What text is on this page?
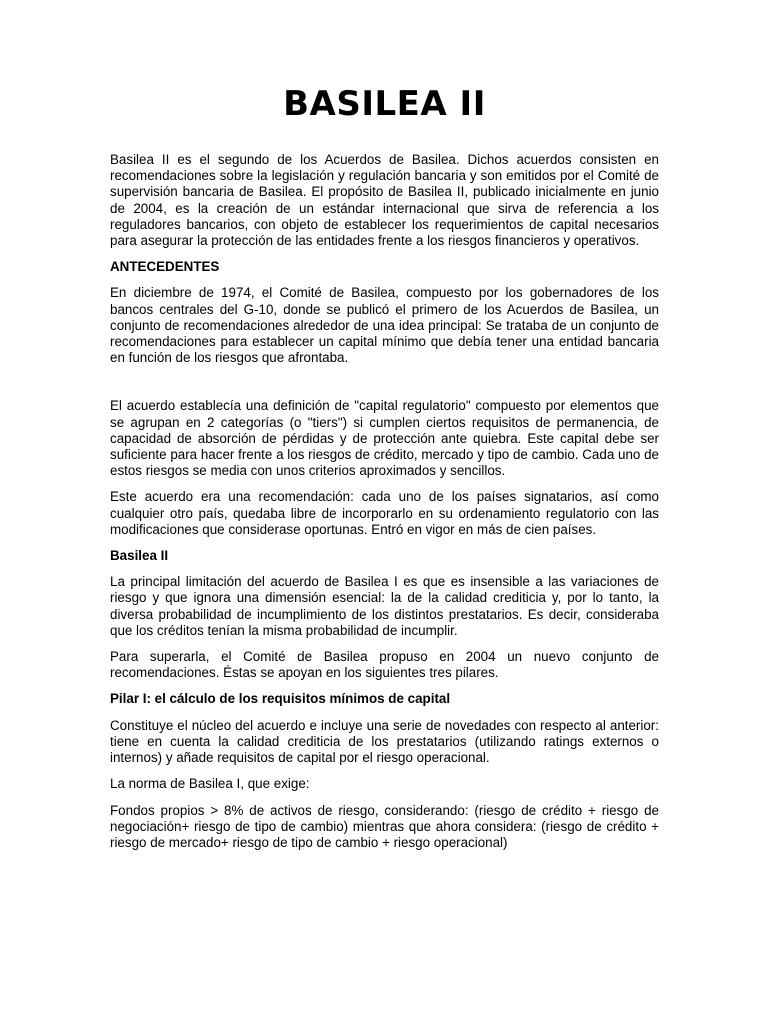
BASILEA II

Basilea II es el segundo de los Acuerdos de Basilea. Dichos acuerdos consisten en recomendaciones sobre la legislación y regulación bancaria y son emitidos por el Comité de supervisión bancaria de Basilea. El propósito de Basilea II, publicado inicialmente en junio de 2004, es la creación de un estándar internacional que sirva de referencia a los reguladores bancarios, con objeto de establecer los requerimientos de capital necesarios para asegurar la protección de las entidades frente a los riesgos financieros y operativos.

ANTECEDENTES

En diciembre de 1974, el Comité de Basilea, compuesto por los gobernadores de los bancos centrales del G-10, donde se publicó el primero de los Acuerdos de Basilea, un conjunto de recomendaciones alrededor de una idea principal: Se trataba de un conjunto de recomendaciones para establecer un capital mínimo que debía tener una entidad bancaria en función de los riesgos que afrontaba.

El acuerdo establecía una definición de "capital regulatorio" compuesto por elementos que se agrupan en 2 categorías (o "tiers") si cumplen ciertos requisitos de permanencia, de capacidad de absorción de pérdidas y de protección ante quiebra. Este capital debe ser suficiente para hacer frente a los riesgos de crédito, mercado y tipo de cambio. Cada uno de estos riesgos se media con unos criterios aproximados y sencillos.

Este acuerdo era una recomendación: cada uno de los países signatarios, así como cualquier otro país, quedaba libre de incorporarlo en su ordenamiento regulatorio con las modificaciones que considerase oportunas. Entró en vigor en más de cien países.

Basilea II

La principal limitación del acuerdo de Basilea I es que es insensible a las variaciones de riesgo y que ignora una dimensión esencial: la de la calidad crediticia y, por lo tanto, la diversa probabilidad de incumplimiento de los distintos prestatarios. Es decir, consideraba que los créditos tenían la misma probabilidad de incumplir.

Para superarla, el Comité de Basilea propuso en 2004 un nuevo conjunto de recomendaciones. Éstas se apoyan en los siguientes tres pilares.

Pilar I: el cálculo de los requisitos mínimos de capital

Constituye el núcleo del acuerdo e incluye una serie de novedades con respecto al anterior: tiene en cuenta la calidad crediticia de los prestatarios (utilizando ratings externos o internos) y añade requisitos de capital por el riesgo operacional.

La norma de Basilea I, que exige:

Fondos propios > 8% de activos de riesgo, considerando: (riesgo de crédito + riesgo de negociación+ riesgo de tipo de cambio) mientras que ahora considera: (riesgo de crédito + riesgo de mercado+ riesgo de tipo de cambio + riesgo operacional)
